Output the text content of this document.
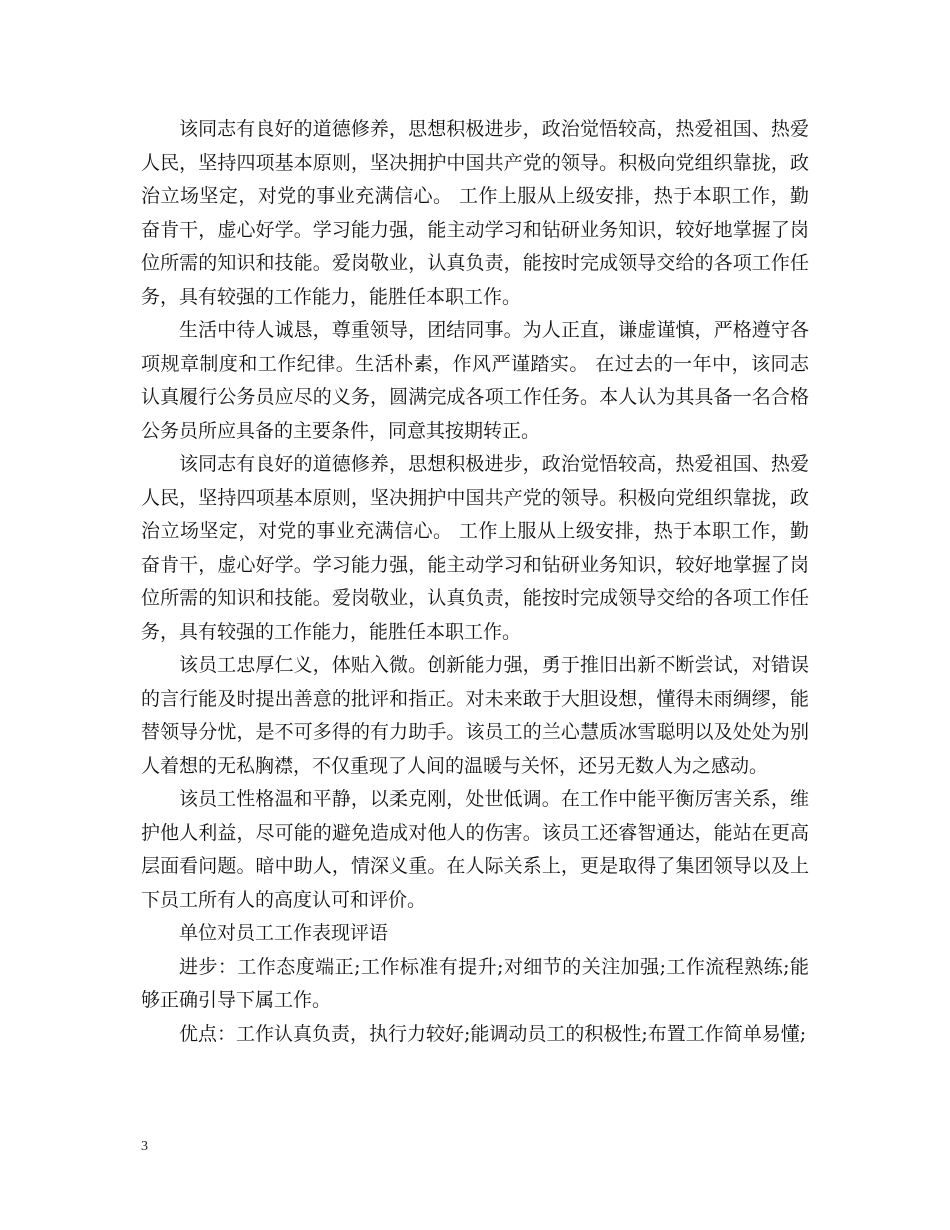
该同志有良好的道德修养，思想积极进步，政治觉悟较高，热爱祖国、热爱人民，坚持四项基本原则，坚决拥护中国共产党的领导。积极向党组织靠拢，政治立场坚定，对党的事业充满信心。 工作上服从上级安排，热于本职工作，勤奋肯干，虚心好学。学习能力强，能主动学习和钻研业务知识，较好地掌握了岗位所需的知识和技能。爱岗敬业，认真负责，能按时完成领导交给的各项工作任务，具有较强的工作能力，能胜任本职工作。

生活中待人诚恳，尊重领导，团结同事。为人正直，谦虚谨慎，严格遵守各项规章制度和工作纪律。生活朴素，作风严谨踏实。 在过去的一年中，该同志认真履行公务员应尽的义务，圆满完成各项工作任务。本人认为其具备一名合格公务员所应具备的主要条件，同意其按期转正。

该同志有良好的道德修养，思想积极进步，政治觉悟较高，热爱祖国、热爱人民，坚持四项基本原则，坚决拥护中国共产党的领导。积极向党组织靠拢，政治立场坚定，对党的事业充满信心。 工作上服从上级安排，热于本职工作，勤奋肯干，虚心好学。学习能力强，能主动学习和钻研业务知识，较好地掌握了岗位所需的知识和技能。爱岗敬业，认真负责，能按时完成领导交给的各项工作任务，具有较强的工作能力，能胜任本职工作。

该员工忠厚仁义，体贴入微。创新能力强，勇于推旧出新不断尝试，对错误的言行能及时提出善意的批评和指正。对未来敢于大胆设想，懂得未雨绸缪，能替领导分忧，是不可多得的有力助手。该员工的兰心慧质冰雪聪明以及处处为别人着想的无私胸襟，不仅重现了人间的温暖与关怀，还另无数人为之感动。

该员工性格温和平静，以柔克刚，处世低调。在工作中能平衡厉害关系，维护他人利益，尽可能的避免造成对他人的伤害。该员工还睿智通达，能站在更高层面看问题。暗中助人，情深义重。在人际关系上，更是取得了集团领导以及上下员工所有人的高度认可和评价。

单位对员工工作表现评语

进步：工作态度端正;工作标准有提升;对细节的关注加强;工作流程熟练;能够正确引导下属工作。

优点：工作认真负责，执行力较好;能调动员工的积极性;布置工作简单易懂;

3
